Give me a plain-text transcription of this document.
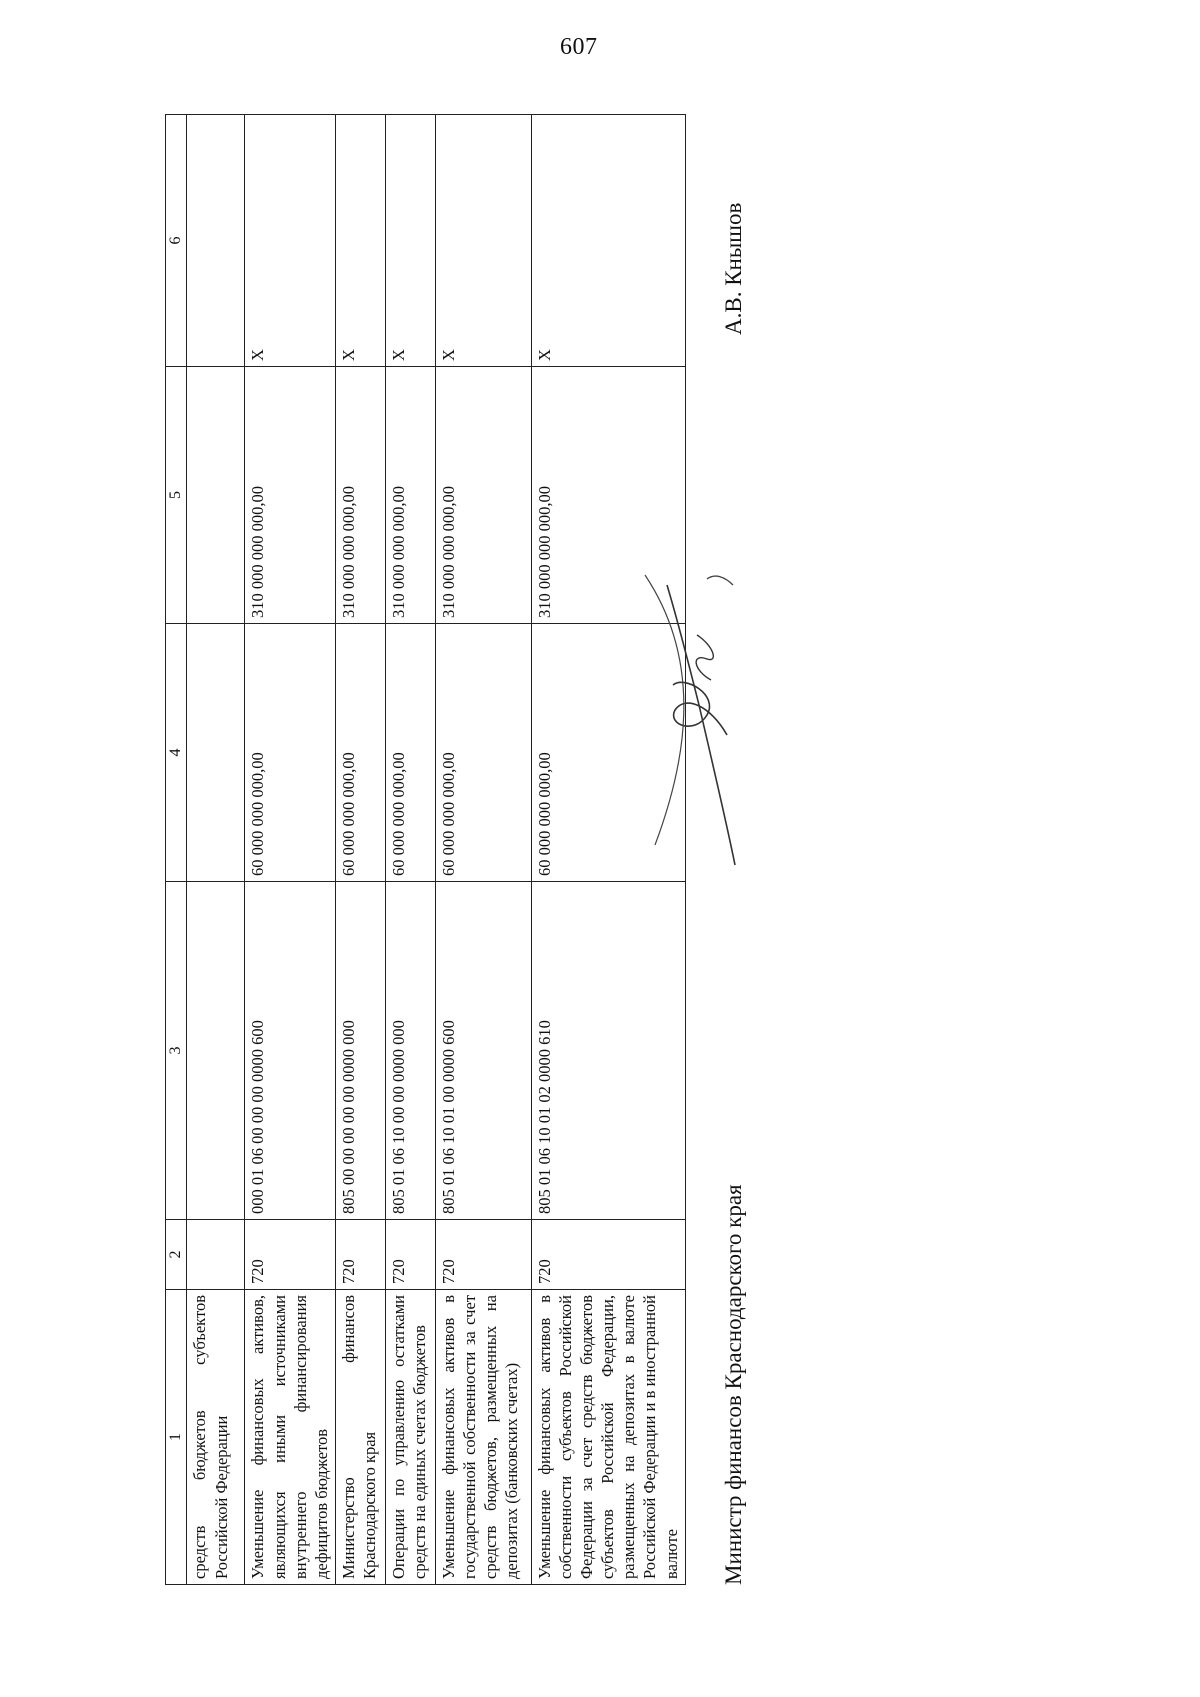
607
1	2	3	4	5	6
средств бюджетов субъектов Российской Федерации					
Уменьшение финансовых активов, являющихся иными источниками внутреннего финансирования дефицитов бюджетов	720	000 01 06 00 00 00 0000 600	60 000 000 000,00	310 000 000 000,00	X
Министерство финансов Краснодарского края	720	805 00 00 00 00 00 0000 000	60 000 000 000,00	310 000 000 000,00	X
Операции по управлению остатками средств на единых счетах бюджетов	720	805 01 06 10 00 00 0000 000	60 000 000 000,00	310 000 000 000,00	X
Уменьшение финансовых активов в государственной собственности за счет средств бюджетов, размещенных на депозитах (банковских счетах)	720	805 01 06 10 01 00 0000 600	60 000 000 000,00	310 000 000 000,00	X
Уменьшение финансовых активов в собственности субъектов Российской Федерации за счет средств бюджетов субъектов Российской Федерации, размещенных на депозитах в валюте Российской Федерации и в иностранной валюте	720	805 01 06 10 01 02 0000 610	60 000 000 000,00	310 000 000 000,00	X
Министр финансов Краснодарского края
А.В. Кнышов
